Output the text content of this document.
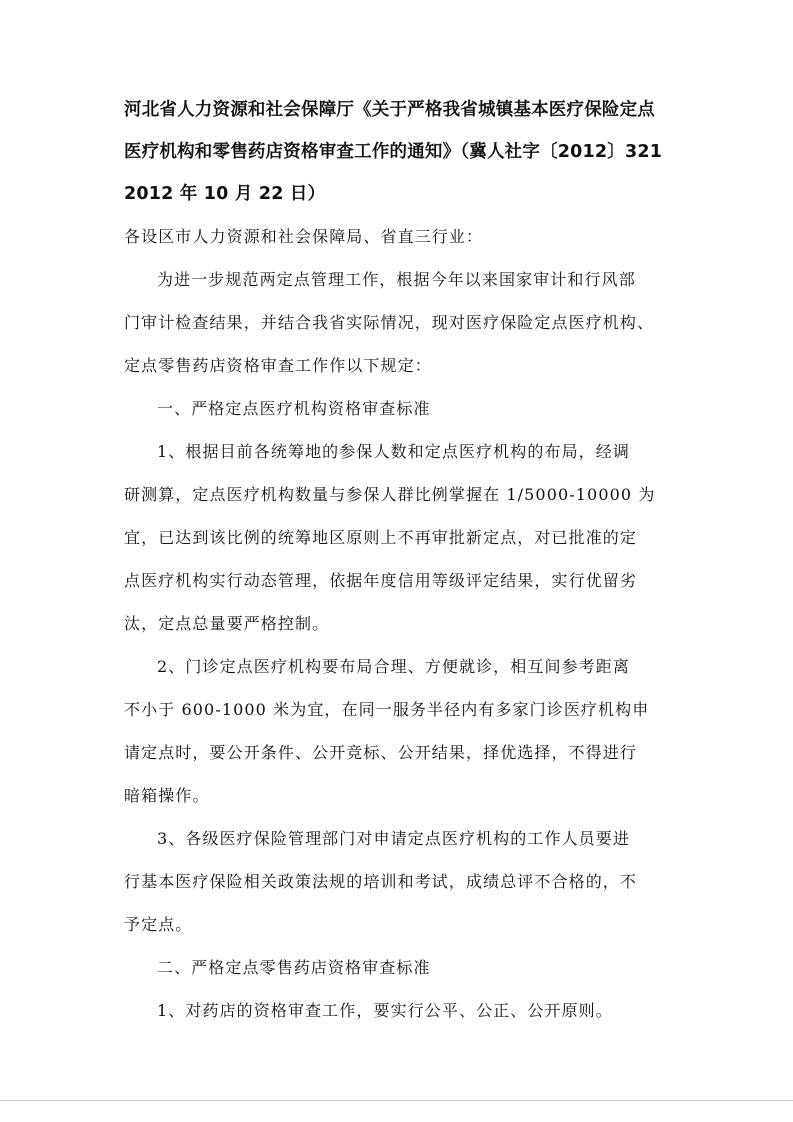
河北省人力资源和社会保障厅《关于严格我省城镇基本医疗保险定点

医疗机构和零售药店资格审查工作的通知》（冀人社字〔2012〕321

2012 年 10 月 22 日）

各设区市人力资源和社会保障局、省直三行业：

为进一步规范两定点管理工作，根据今年以来国家审计和行风部

门审计检查结果，并结合我省实际情况，现对医疗保险定点医疗机构、

定点零售药店资格审查工作作以下规定：

一、严格定点医疗机构资格审查标准

1、根据目前各统筹地的参保人数和定点医疗机构的布局，经调

研测算，定点医疗机构数量与参保人群比例掌握在 1/5000-10000 为

宜，已达到该比例的统筹地区原则上不再审批新定点，对已批准的定

点医疗机构实行动态管理，依据年度信用等级评定结果，实行优留劣

汰，定点总量要严格控制。

2、门诊定点医疗机构要布局合理、方便就诊，相互间参考距离

不小于 600-1000 米为宜，在同一服务半径内有多家门诊医疗机构申

请定点时，要公开条件、公开竞标、公开结果，择优选择，不得进行

暗箱操作。

3、各级医疗保险管理部门对申请定点医疗机构的工作人员要进

行基本医疗保险相关政策法规的培训和考试，成绩总评不合格的，不

予定点。

二、严格定点零售药店资格审查标准

1、对药店的资格审查工作，要实行公平、公正、公开原则。
